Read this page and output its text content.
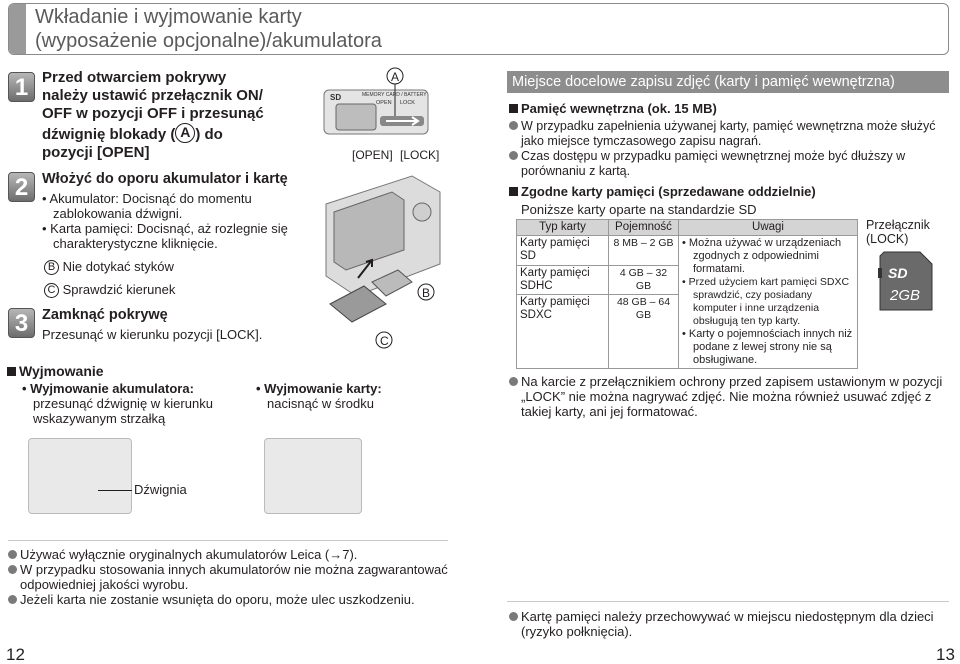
Wkładanie i wyjmowanie karty
(wyposażenie opcjonalne)/akumulatora
1 Przed otwarciem pokrywy
należy ustawić przełącznik ON/
OFF w pozycji OFF i przesunąć
dźwignię blokady ( A ) do
pozycji [OPEN]
2 Włożyć do oporu akumulator i kartę
• Akumulator: Docisnąć do momentu zablokowania dźwigni.
• Karta pamięci: Docisnąć, aż rozlegnie się charakterystyczne kliknięcie.
B Nie dotykać styków
C Sprawdzić kierunek
3 Zamknąć pokrywę
Przesunąć w kierunku pozycji [LOCK].
SD	MEMORY CARD / BATTERY
OPEN LOCK
A
[OPEN] [LOCK]
B
C
Wyjmowanie
• Wyjmowanie akumulatora:
przesunąć dźwignię w kierunku
wskazywanym strzałką
• Wyjmowanie karty:
nacisnąć w środku
Dźwignia
Używać wyłącznie oryginalnych akumulatorów Leica (→7).
W przypadku stosowania innych akumulatorów nie można zagwarantować odpowiedniej jakości wyrobu.
Jeżeli karta nie zostanie wsunięta do oporu, może ulec uszkodzeniu.
Miejsce docelowe zapisu zdjęć (karty i pamięć wewnętrzna)
Pamięć wewnętrzna (ok. 15 MB)
W przypadku zapełnienia używanej karty, pamięć wewnętrzna może służyć jako miejsce tymczasowego zapisu nagrań.
Czas dostępu w przypadku pamięci wewnętrznej może być dłuższy w porównaniu z kartą.
Zgodne karty pamięci (sprzedawane oddzielnie)
Poniższe karty oparte na standardzie SD
Typ karty	Pojemność	Uwagi
Karty pamięci SD	8 MB – 2 GB	• Można używać w urządzeniach zgodnych z odpowiednimi formatami.
• Przed użyciem kart pamięci SDXC sprawdzić, czy posiadany komputer i inne urządzenia obsługują ten typ karty.
• Karty o pojemnościach innych niż podane z lewej strony nie są obsługiwane.

Karty pamięci SDHC	4 GB – 32 GB	
Karty pamięci SDXC	48 GB – 64 GB	
Przełącznik (LOCK)
SD
2GB
Na karcie z przełącznikiem ochrony przed zapisem ustawionym w pozycji „LOCK” nie można nagrywać zdjęć. Nie można również usuwać zdjęć z takiej karty, ani jej formatować.
Kartę pamięci należy przechowywać w miejscu niedostępnym dla dzieci (ryzyko połknięcia).
12	13
